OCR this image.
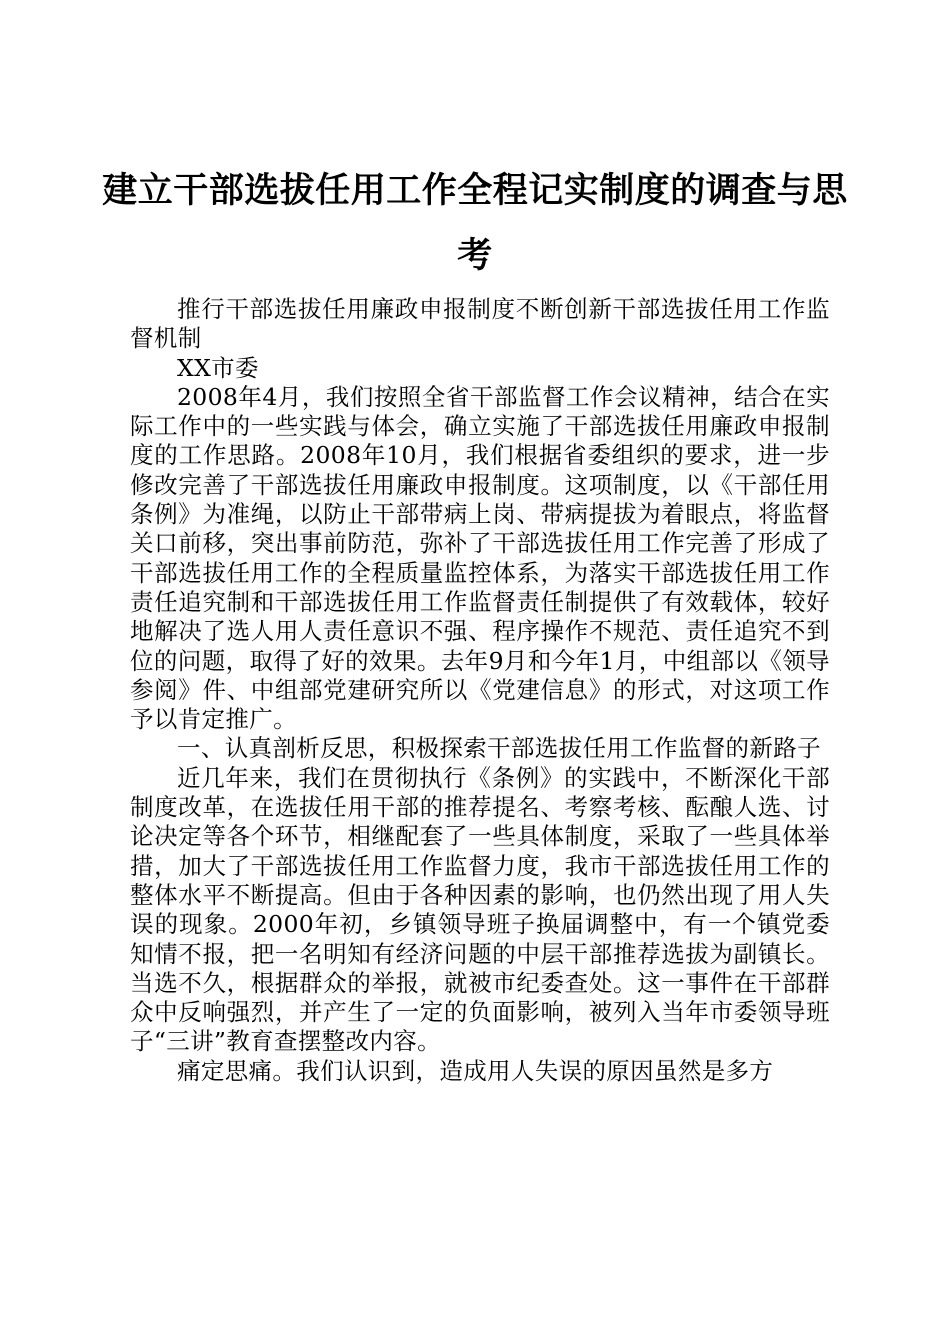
建立干部选拔任用工作全程记实制度的调查与思考

推行干部选拔任用廉政申报制度不断创新干部选拔任用工作监督机制

XX市委

2008年4月，我们按照全省干部监督工作会议精神，结合在实际工作中的一些实践与体会，确立实施了干部选拔任用廉政申报制度的工作思路。2008年10月，我们根据省委组织的要求，进一步修改完善了干部选拔任用廉政申报制度。这项制度，以《干部任用条例》为准绳，以防止干部带病上岗、带病提拔为着眼点，将监督关口前移，突出事前防范，弥补了干部选拔任用工作完善了形成了干部选拔任用工作的全程质量监控体系，为落实干部选拔任用工作责任追究制和干部选拔任用工作监督责任制提供了有效载体，较好地解决了选人用人责任意识不强、程序操作不规范、责任追究不到位的问题，取得了好的效果。去年9月和今年1月，中组部以《领导参阅》件、中组部党建研究所以《党建信息》的形式，对这项工作予以肯定推广。

一、认真剖析反思，积极探索干部选拔任用工作监督的新路子

近几年来，我们在贯彻执行《条例》的实践中，不断深化干部制度改革，在选拔任用干部的推荐提名、考察考核、酝酿人选、讨论决定等各个环节，相继配套了一些具体制度，采取了一些具体举措，加大了干部选拔任用工作监督力度，我市干部选拔任用工作的整体水平不断提高。但由于各种因素的影响，也仍然出现了用人失误的现象。2000年初，乡镇领导班子换届调整中，有一个镇党委知情不报，把一名明知有经济问题的中层干部推荐选拔为副镇长。当选不久，根据群众的举报，就被市纪委查处。这一事件在干部群众中反响强烈，并产生了一定的负面影响，被列入当年市委领导班子“三讲”教育查摆整改内容。

痛定思痛。我们认识到，造成用人失误的原因虽然是多方
